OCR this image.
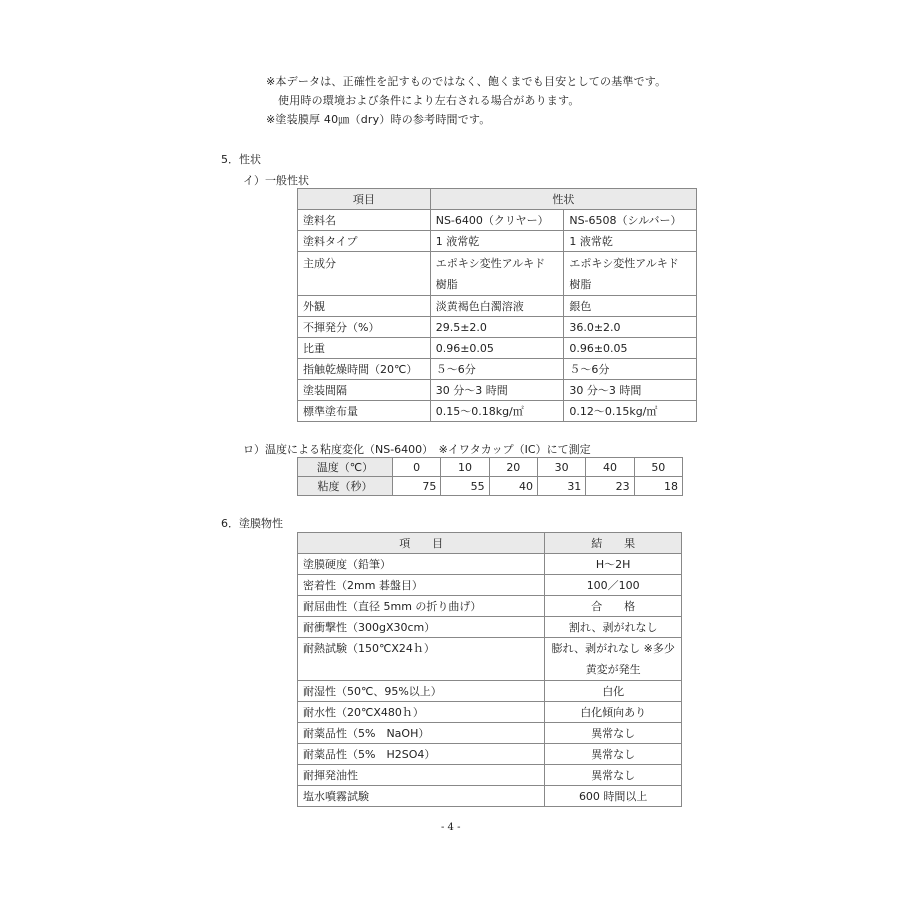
※本データは、正確性を記すものではなく、飽くまでも目安としての基準です。
使用時の環境および条件により左右される場合があります。
※塗装膜厚 40㎛（dry）時の参考時間です。
5．性状
イ）一般性状
項目	性状	
塗料名	NS-6400（クリヤー）	NS-6508（シルバー）
塗料タイプ	1 液常乾	1 液常乾
主成分	エポキシ変性アルキド 樹脂	エポキシ変性アルキド 樹脂
外観	淡黄褐色白濁溶液	銀色
不揮発分（%）	29.5±2.0	36.0±2.0
比重	0.96±0.05	0.96±0.05
指触乾燥時間（20℃）	５～6分	５～6分
塗装間隔	30 分～3 時間	30 分～3 時間
標準塗布量	0.15～0.18kg/㎡	0.12～0.15kg/㎡
ロ）温度による粘度変化（NS-6400）　※イワタカップ（IC）にて測定
温度（℃）	0	10	20	30	40	50
粘度（秒）	75	55	40	31	23	18
6．塗膜物性
項　　目	結　　果
塗膜硬度（鉛筆）	H～2H
密着性（2mm 碁盤目）	100／100
耐屈曲性（直径 5mm の折り曲げ）	合　　格
耐衝撃性（300gX30cm）	割れ、剥がれなし
耐熱試験（150℃X24ｈ）	膨れ、剥がれなし ※多少黄変が発生
耐湿性（50℃、95%以上）	白化
耐水性（20℃X480ｈ）	白化傾向あり
耐薬品性（5%　NaOH）	異常なし
耐薬品性（5%　H2SO4）	異常なし
耐揮発油性	異常なし
塩水噴霧試験	600 時間以上
- 4 -
